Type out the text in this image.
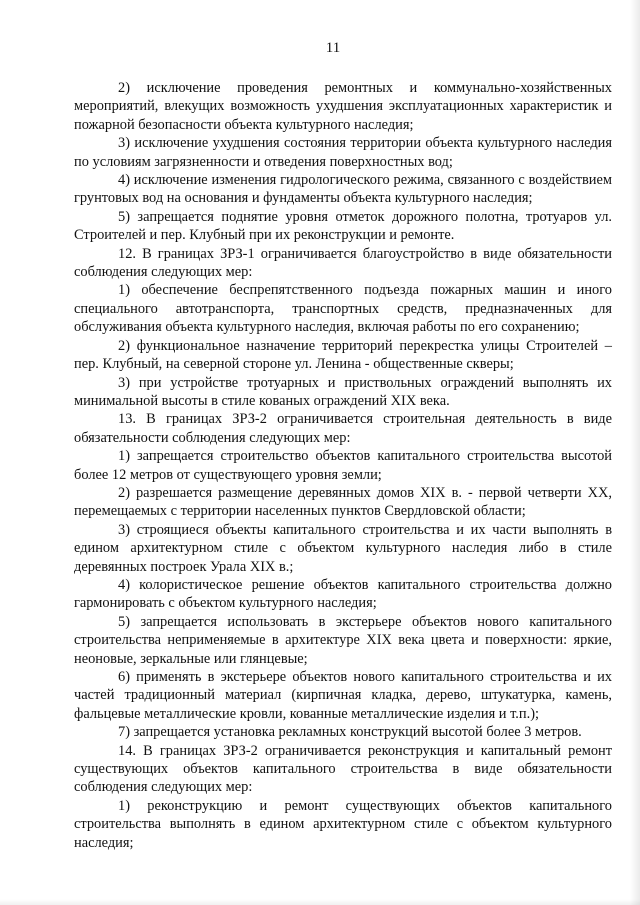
11

2) исключение проведения ремонтных и коммунально-хозяйственных мероприятий, влекущих возможность ухудшения эксплуатационных характеристик и пожарной безопасности объекта культурного наследия;

3) исключение ухудшения состояния территории объекта культурного наследия по условиям загрязненности и отведения поверхностных вод;

4) исключение изменения гидрологического режима, связанного с воздействием грунтовых вод на основания и фундаменты объекта культурного наследия;

5) запрещается поднятие уровня отметок дорожного полотна, тротуаров ул. Строителей и пер. Клубный при их реконструкции и ремонте.

12. В границах ЗРЗ-1 ограничивается благоустройство в виде обязательности соблюдения следующих мер:

1) обеспечение беспрепятственного подъезда пожарных машин и иного специального автотранспорта, транспортных средств, предназначенных для обслуживания объекта культурного наследия, включая работы по его сохранению;

2) функциональное назначение территорий перекрестка улицы Строителей – пер. Клубный, на северной стороне ул. Ленина - общественные скверы;

3) при устройстве тротуарных и приствольных ограждений выполнять их минимальной высоты в стиле кованых ограждений XIX века.

13. В границах ЗРЗ-2 ограничивается строительная деятельность в виде обязательности соблюдения следующих мер:

1) запрещается строительство объектов капитального строительства высотой более 12 метров от существующего уровня земли;

2) разрешается размещение деревянных домов XIX в. - первой четверти XX, перемещаемых с территории населенных пунктов Свердловской области;

3) строящиеся объекты капитального строительства и их части выполнять в едином архитектурном стиле с объектом культурного наследия либо в стиле деревянных построек Урала XIX в.;

4) колористическое решение объектов капитального строительства должно гармонировать с объектом культурного наследия;

5) запрещается использовать в экстерьере объектов нового капитального строительства неприменяемые в архитектуре XIX века цвета и поверхности: яркие, неоновые, зеркальные или глянцевые;

6) применять в экстерьере объектов нового капитального строительства и их частей традиционный материал (кирпичная кладка, дерево, штукатурка, камень, фальцевые металлические кровли, кованные металлические изделия и т.п.);

7) запрещается установка рекламных конструкций высотой более 3 метров.

14. В границах ЗРЗ-2 ограничивается реконструкция и капитальный ремонт существующих объектов капитального строительства в виде обязательности соблюдения следующих мер:

1) реконструкцию и ремонт существующих объектов капитального строительства выполнять в едином архитектурном стиле с объектом культурного наследия;
